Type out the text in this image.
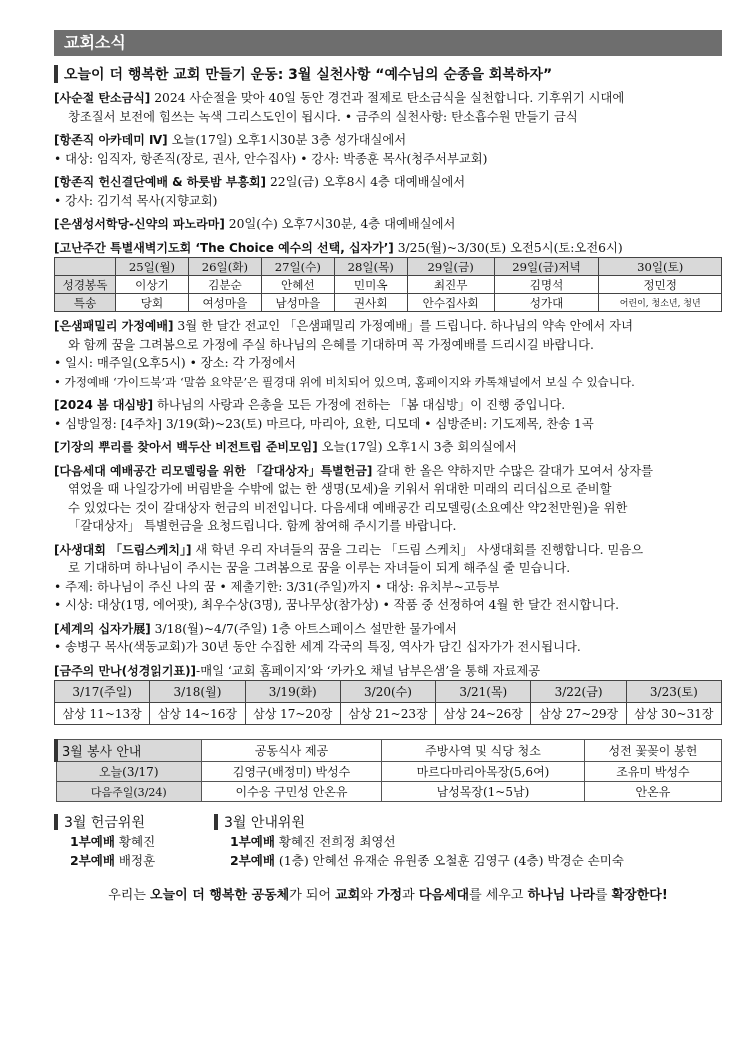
교회소식
오늘이 더 행복한 교회 만들기 운동: 3월 실천사항 “예수님의 순종을 회복하자”

[사순절 탄소금식] 2024 사순절을 맞아 40일 동안 경건과 절제로 탄소금식을 실천합니다. 기후위기 시대에

창조질서 보전에 힘쓰는 녹색 그리스도인이 됩시다. • 금주의 실천사항: 탄소흡수원 만들기 금식

[항존직 아카데미 Ⅳ] 오늘(17일) 오후1시30분 3층 성가대실에서

• 대상: 임직자, 항존직(장로, 권사, 안수집사) • 강사: 박종훈 목사(청주서부교회)

[항존직 헌신결단예배 & 하룻밤 부흥회] 22일(금) 오후8시 4층 대예배실에서

• 강사: 김기석 목사(지향교회)

[은샘성서학당-신약의 파노라마] 20일(수) 오후7시30분, 4층 대예배실에서

[고난주간 특별새벽기도회 ‘The Choice 예수의 선택, 십자가’] 3/25(월)~3/30(토) 오전5시(토:오전6시)

	25일(월)	26일(화)	27일(수)	28일(목)	29일(금)	29일(금)저녁	30일(토)
성경봉독	이상기	김분순	안혜선	민미옥	최진무	김명석	정민정
특송	당회	여성마을	남성마을	권사회	안수집사회	성가대	어린이, 청소년, 청년

[은샘패밀리 가정예배] 3월 한 달간 전교인 「은샘패밀리 가정예배」를 드립니다. 하나님의 약속 안에서 자녀

와 함께 꿈을 그려봄으로 가정에 주실 하나님의 은혜를 기대하며 꼭 가정예배를 드리시길 바랍니다.

• 일시: 매주일(오후5시) • 장소: 각 가정에서

• 가정예배 ‘가이드북’과 ‘말씀 요약문’은 필경대 위에 비치되어 있으며, 홈페이지와 카톡채널에서 보실 수 있습니다.

[2024 봄 대심방] 하나님의 사랑과 은총을 모든 가정에 전하는 「봄 대심방」이 진행 중입니다.

• 심방일정: [4주차] 3/19(화)~23(토) 마르다, 마리아, 요한, 디모데 • 심방준비: 기도제목, 찬송 1곡

[기장의 뿌리를 찾아서 백두산 비전트립 준비모임] 오늘(17일) 오후1시 3층 회의실에서

[다음세대 예배공간 리모델링을 위한 「갈대상자」특별헌금] 갈대 한 올은 약하지만 수많은 갈대가 모여서 상자를

엮었을 때 나일강가에 버림받을 수밖에 없는 한 생명(모세)을 키워서 위대한 미래의 리더십으로 준비할

수 있었다는 것이 갈대상자 헌금의 비전입니다. 다음세대 예배공간 리모델링(소요예산 약2천만원)을 위한

「갈대상자」 특별헌금을 요청드립니다. 함께 참여해 주시기를 바랍니다.

[사생대회 「드림스케치」] 새 학년 우리 자녀들의 꿈을 그리는 「드림 스케치」 사생대회를 진행합니다. 믿음으

로 기대하며 하나님이 주시는 꿈을 그려봄으로 꿈을 이루는 자녀들이 되게 해주실 줄 믿습니다.

• 주제: 하나님이 주신 나의 꿈 • 제출기한: 3/31(주일)까지 • 대상: 유치부~고등부

• 시상: 대상(1명, 에어팟), 최우수상(3명), 꿈나무상(참가상) • 작품 중 선정하여 4월 한 달간 전시합니다.

[세계의 십자가展] 3/18(월)~4/7(주일) 1층 아트스페이스 설만한 물가에서

• 송병구 목사(색동교회)가 30년 동안 수집한 세계 각국의 특징, 역사가 담긴 십자가가 전시됩니다.

[금주의 만나(성경읽기표)]-매일 ‘교회 홈페이지’와 ‘카카오 채널 남부은샘’을 통해 자료제공

3/17(주일)	3/18(월)	3/19(화)	3/20(수)	3/21(목)	3/22(금)	3/23(토)
삼상 11~13장	삼상 14~16장	삼상 17~20장	삼상 21~23장	삼상 24~26장	삼상 27~29장	삼상 30~31장
3월 봉사 안내	공동식사 제공	주방사역 및 식당 청소	성전 꽃꽂이 봉헌
오늘(3/17)	김영구(배정미) 박성수	마르다마리아목장(5,6여)	조유미 박성수
다음주일(3/24)	이수응 구민성 안온유	남성목장(1~5남)	안온유
3월 헌금위원
1부예배 황혜진
2부예배 배정훈
3월 안내위원
1부예배 황혜진 전희정 최영선
2부예배 (1층) 안혜선 유재순 유원종 오철훈 김영구 (4층) 박경순 손미숙
우리는 오늘이 더 행복한 공동체가 되어 교회와 가정과 다음세대를 세우고 하나님 나라를 확장한다!
